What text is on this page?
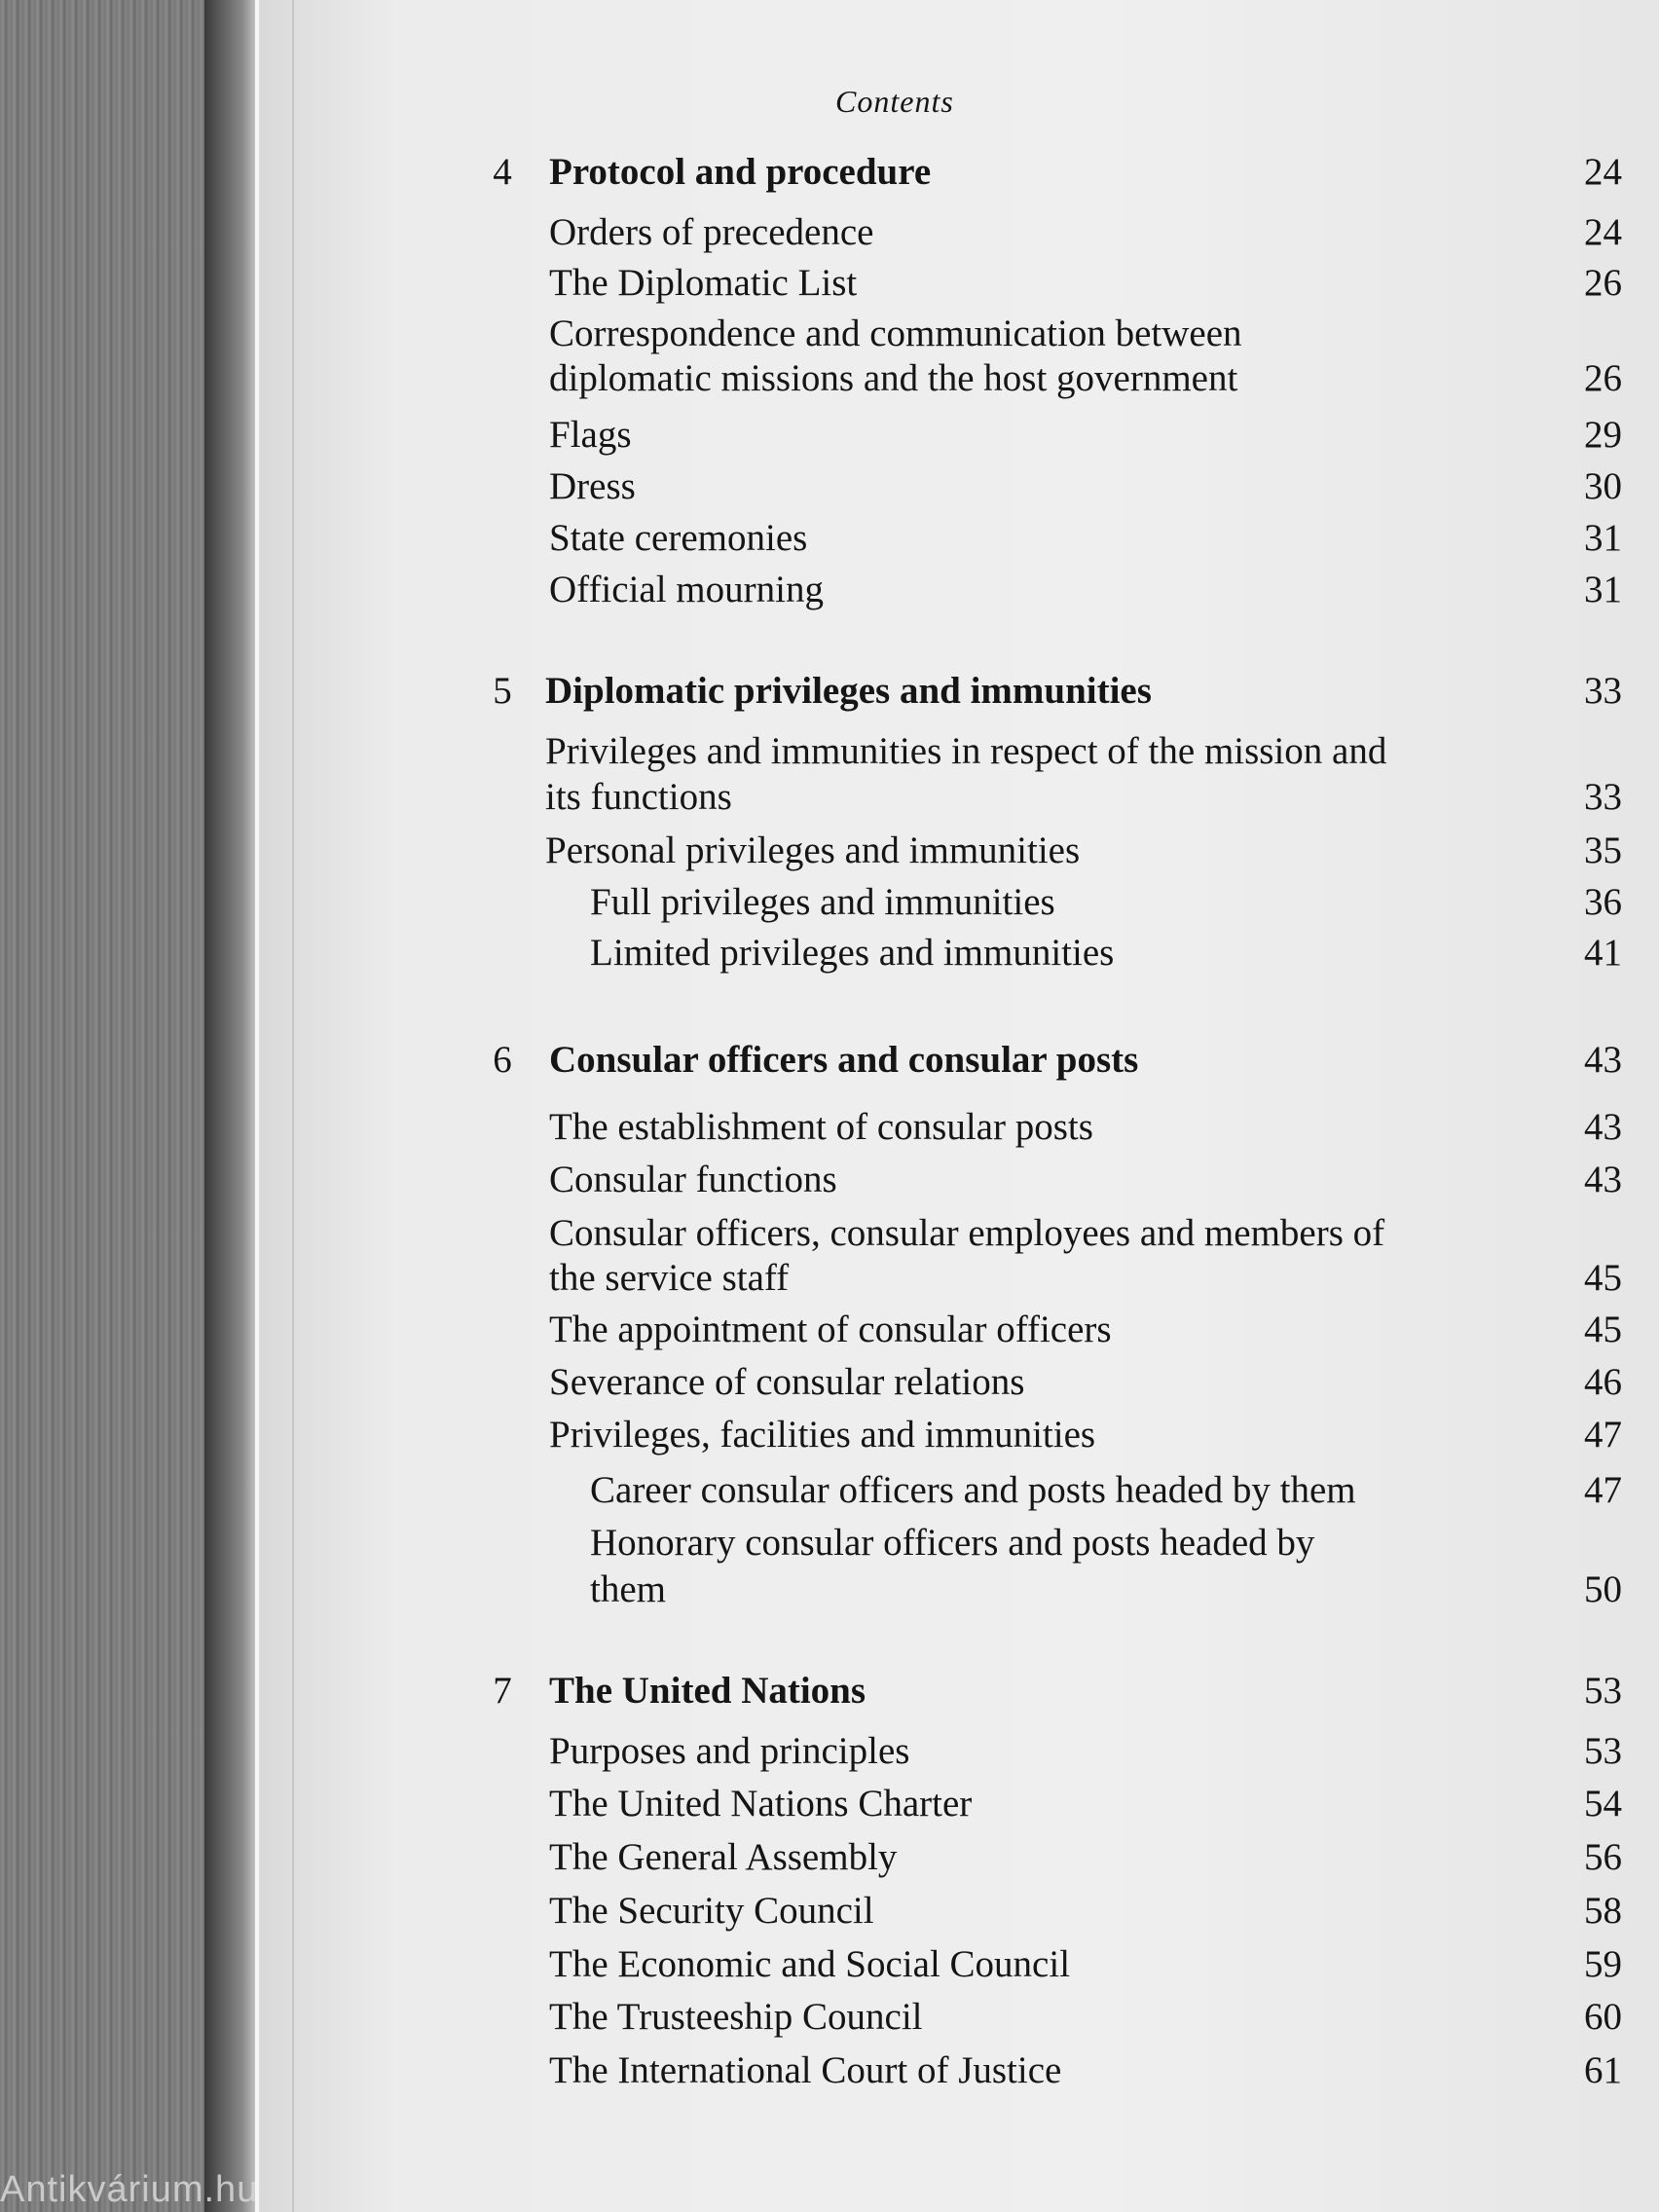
Contents
4 Protocol and procedure	24
Orders of precedence	24
The Diplomatic List	26
Correspondence and communication between
diplomatic missions and the host government	26
Flags	29
Dress	30
State ceremonies	31
Official mourning	31
5 Diplomatic privileges and immunities	33
Privileges and immunities in respect of the mission and
its functions	33
Personal privileges and immunities	35
Full privileges and immunities	36
Limited privileges and immunities	41
6 Consular officers and consular posts	43
The establishment of consular posts	43
Consular functions	43
Consular officers, consular employees and members of
the service staff	45
The appointment of consular officers	45
Severance of consular relations	46
Privileges, facilities and immunities	47
Career consular officers and posts headed by them	47
Honorary consular officers and posts headed by
them	50
7 The United Nations	53
Purposes and principles	53
The United Nations Charter	54
The General Assembly	56
The Security Council	58
The Economic and Social Council	59
The Trusteeship Council	60
The International Court of Justice	61
Antikvárium.hu
